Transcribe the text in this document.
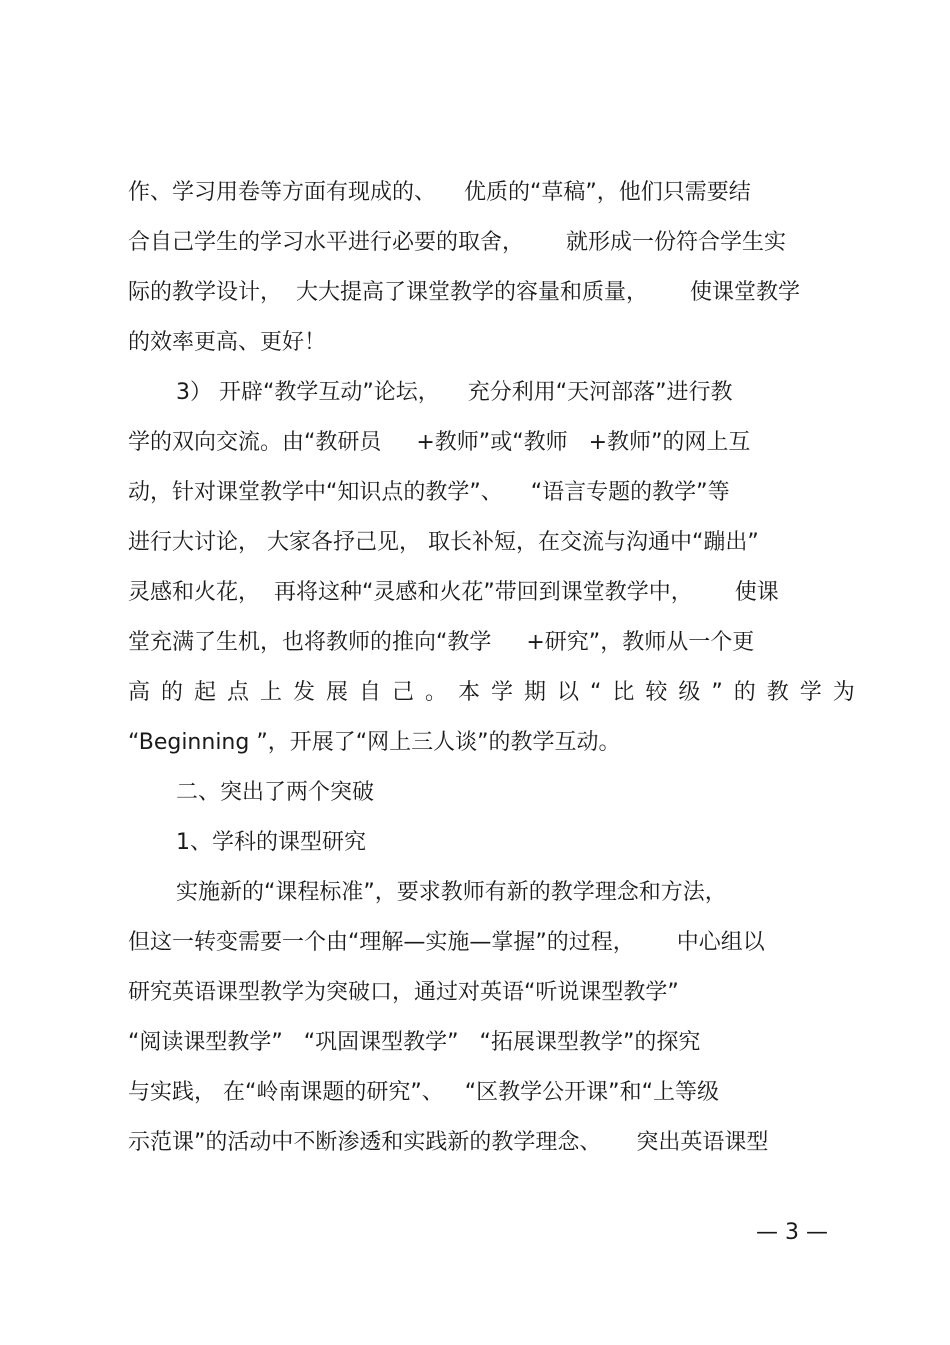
作、学习用卷等方面有现成的、    优质的“草稿”，他们只需要结
合自己学生的学习水平进行必要的取舍，      就形成一份符合学生实
际的教学设计，  大大提高了课堂教学的容量和质量，      使课堂教学
的效率更高、更好！
3） 开辟“教学互动”论坛，    充分利用“天河部落”进行教
学的双向交流。由“教研员     +教师”或“教师   +教师”的网上互
动，针对课堂教学中“知识点的教学”、    “语言专题的教学”等
进行大讨论， 大家各抒己见， 取长补短，在交流与沟通中“蹦出”
灵感和火花，  再将这种“灵感和火花”带回到课堂教学中，      使课
堂充满了生机，也将教师的推向“教学     +研究”，教师从一个更
高的起点上发展自己。本学期以“比较级”的教学为
“Beginning ”，开展了“网上三人谈”的教学互动。
二、突出了两个突破
1、学科的课型研究
实施新的“课程标准”，要求教师有新的教学理念和方法，
但这一转变需要一个由“理解—实施—掌握”的过程，      中心组以
研究英语课型教学为突破口，通过对英语“听说课型教学”
“阅读课型教学”   “巩固课型教学”   “拓展课型教学”的探究
与实践， 在“岭南课题的研究”、   “区教学公开课”和“上等级
示范课”的活动中不断渗透和实践新的教学理念、     突出英语课型
— 3 —
